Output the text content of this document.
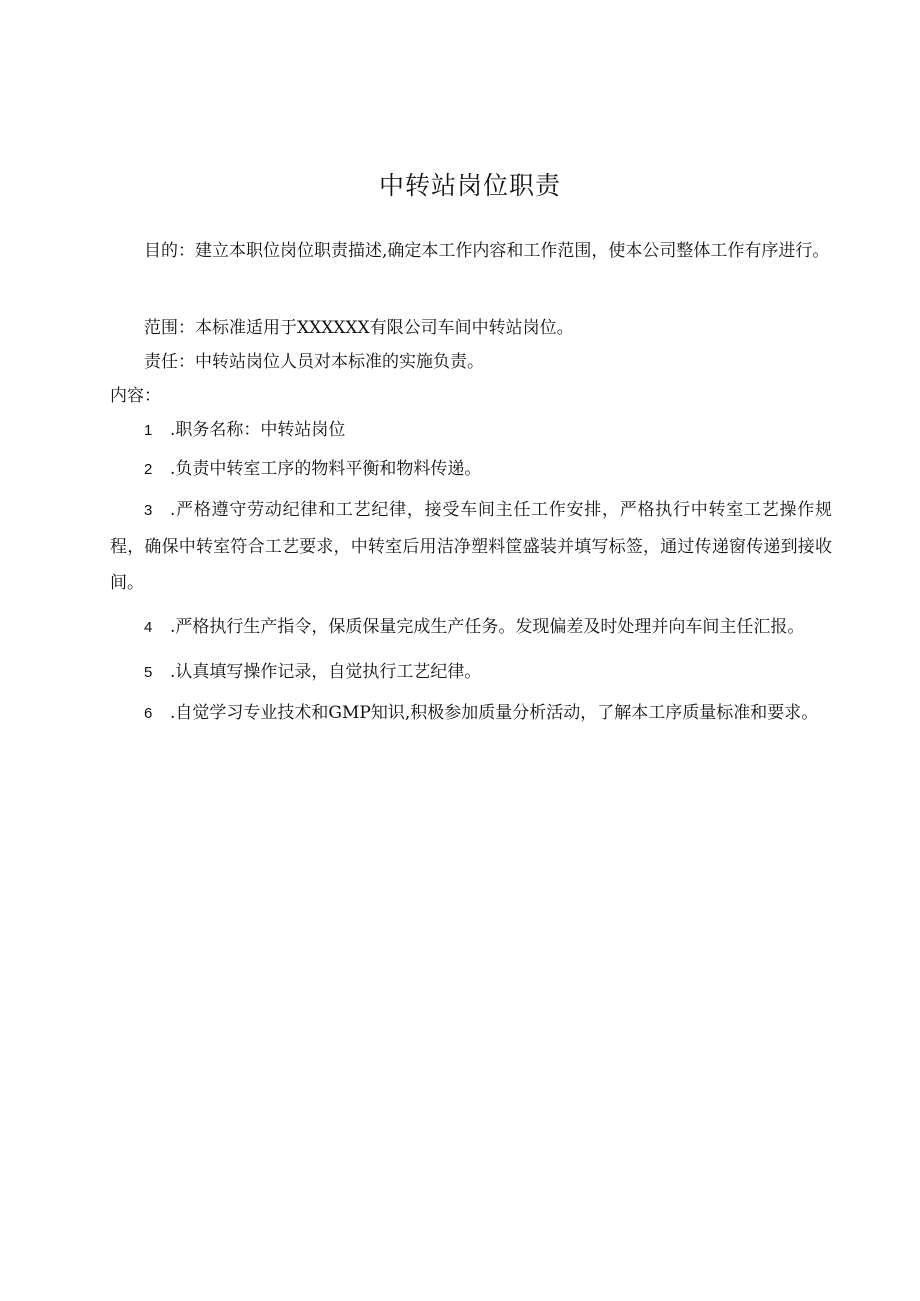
中转站岗位职责
目的：建立本职位岗位职责描述,确定本工作内容和工作范围，使本公司整体工作有序进行。
范围：本标准适用于XXXXXX有限公司车间中转站岗位。
责任：中转站岗位人员对本标准的实施负责。
内容：
1 .职务名称：中转站岗位
2 .负责中转室工序的物料平衡和物料传递。
3 .严格遵守劳动纪律和工艺纪律，接受车间主任工作安排，严格执行中转室工艺操作规程，确保中转室符合工艺要求，中转室后用洁净塑料筐盛装并填写标签，通过传递窗传递到接收间。
4 .严格执行生产指令，保质保量完成生产任务。发现偏差及时处理并向车间主任汇报。
5 .认真填写操作记录，自觉执行工艺纪律。
6 .自觉学习专业技术和GMP知识,积极参加质量分析活动，了解本工序质量标准和要求。
